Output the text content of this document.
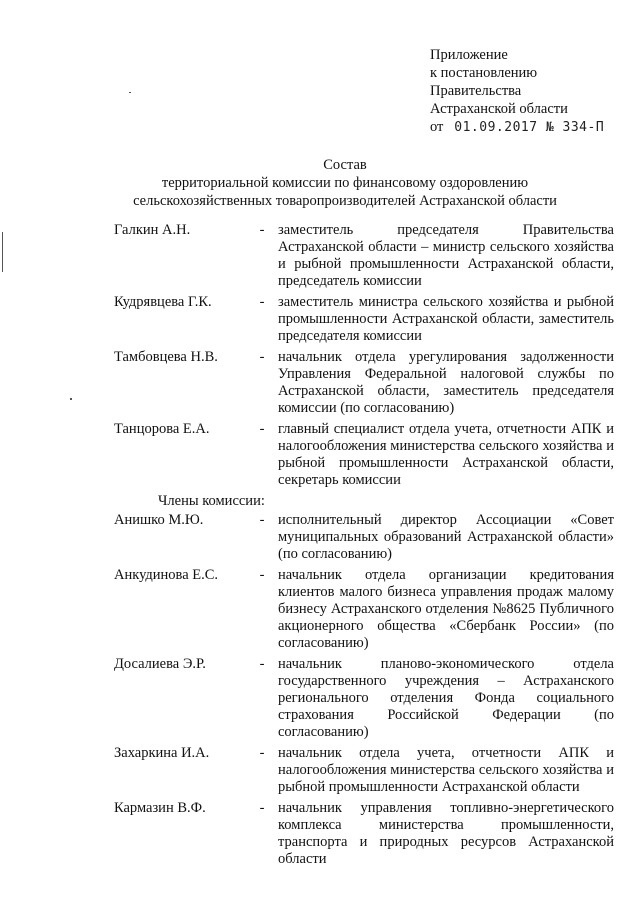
Приложение
к постановлению
Правительства
Астраханской области
от 01.09.2017 № 334-П
Состав
территориальной комиссии по финансовому оздоровлению
сельскохозяйственных товаропроизводителей Астраханской области
Галкин А.Н.	- заместитель председателя Правительства Астраханской области – министр сельского хозяйства и рыбной промышленности Астраханской области, председатель комиссии
Кудрявцева Г.К.	- заместитель министра сельского хозяйства и рыбной промышленности Астраханской области, заместитель председателя комиссии
Тамбовцева Н.В.	- начальник отдела урегулирования задолженности Управления Федеральной налоговой службы по Астраханской области, заместитель председателя комиссии (по согласованию)
Танцорова Е.А.	- главный специалист отдела учета, отчетности АПК и налогообложения министерства сельского хозяйства и рыбной промышленности Астраханской области, секретарь комиссии
Члены комиссии:
Анишко М.Ю.	- исполнительный директор Ассоциации «Совет муниципальных образований Астраханской области» (по согласованию)
Анкудинова Е.С.	- начальник отдела организации кредитования клиентов малого бизнеса управления продаж малому бизнесу Астраханского отделения №8625 Публичного акционерного общества «Сбербанк России» (по согласованию)
Досалиева Э.Р.	- начальник планово-экономического отдела государственного учреждения – Астраханского регионального отделения Фонда социального страхования Российской Федерации (по согласованию)
Захаркина И.А.	- начальник отдела учета, отчетности АПК и налогообложения министерства сельского хозяйства и рыбной промышленности Астраханской области
Кармазин В.Ф.	- начальник управления топливно-энергетического комплекса министерства промышленности, транспорта и природных ресурсов Астраханской области
